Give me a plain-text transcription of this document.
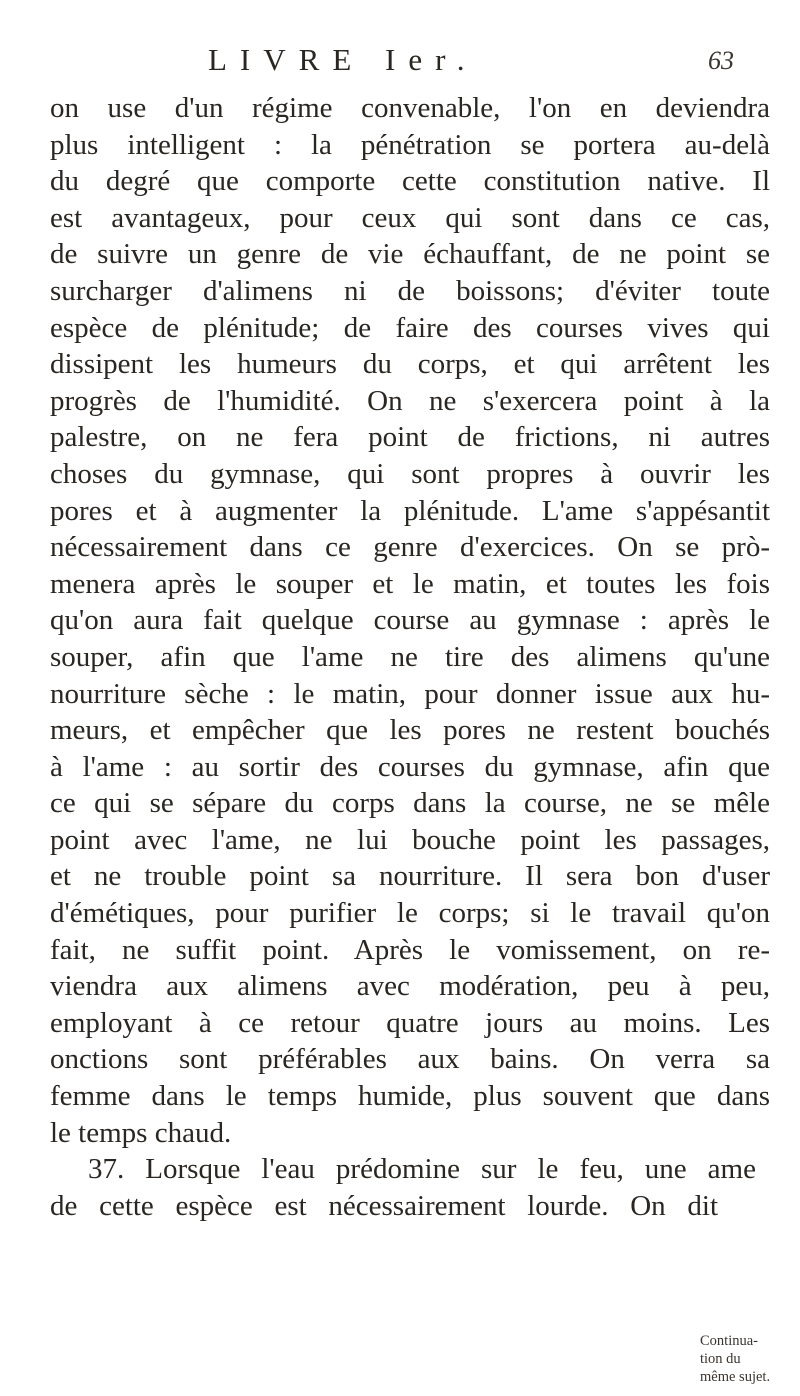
LIVRE Ier.	63
on use d'un régime convenable, l'on en deviendra
plus intelligent : la pénétration se portera au-delà
du degré que comporte cette constitution native. Il
est avantageux, pour ceux qui sont dans ce cas,
de suivre un genre de vie échauffant, de ne point se
surcharger d'alimens ni de boissons; d'éviter toute
espèce de plénitude; de faire des courses vives qui
dissipent les humeurs du corps, et qui arrêtent les
progrès de l'humidité. On ne s'exercera point à la
palestre, on ne fera point de frictions, ni autres
choses du gymnase, qui sont propres à ouvrir les
pores et à augmenter la plénitude. L'ame s'appésantit
nécessairement dans ce genre d'exercices. On se prò-
menera après le souper et le matin, et toutes les fois
qu'on aura fait quelque course au gymnase : après le
souper, afin que l'ame ne tire des alimens qu'une
nourriture sèche : le matin, pour donner issue aux hu-
meurs, et empêcher que les pores ne restent bouchés
à l'ame : au sortir des courses du gymnase, afin que
ce qui se sépare du corps dans la course, ne se mêle
point avec l'ame, ne lui bouche point les passages,
et ne trouble point sa nourriture. Il sera bon d'user
d'émétiques, pour purifier le corps; si le travail qu'on
fait, ne suffit point. Après le vomissement, on re-
viendra aux alimens avec modération, peu à peu,
employant à ce retour quatre jours au moins. Les
onctions sont préférables aux bains. On verra sa
femme dans le temps humide, plus souvent que dans
le temps chaud.
37. Lorsque l'eau prédomine sur le feu, une ame
de cette espèce est nécessairement lourde. On dit
Continua-
tion du
même sujet.
